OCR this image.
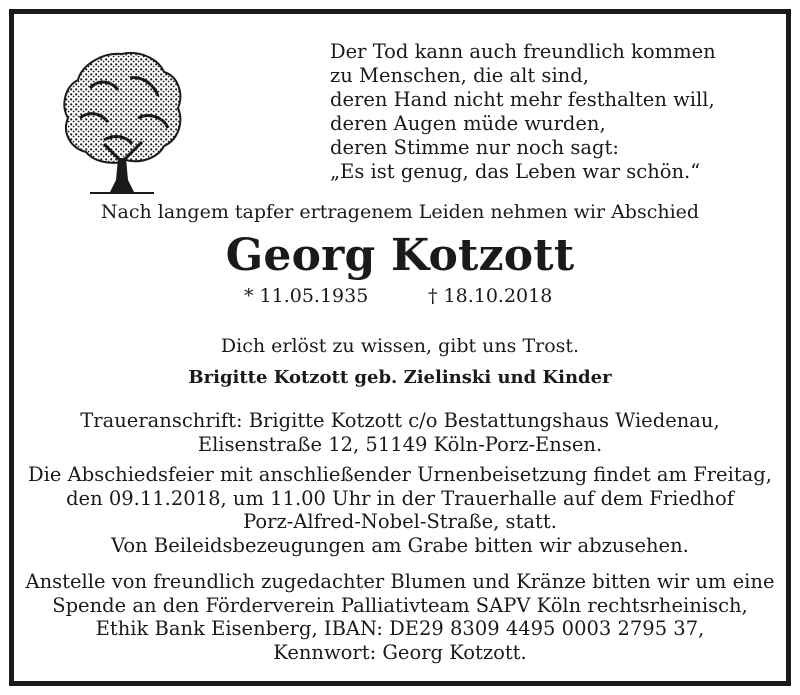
Der Tod kann auch freundlich kommen
zu Menschen, die alt sind,
deren Hand nicht mehr festhalten will,
deren Augen müde wurden,
deren Stimme nur noch sagt:
„Es ist genug, das Leben war schön.“
Nach langem tapfer ertragenem Leiden nehmen wir Abschied
Georg Kotzott
* 11.05.1935	† 18.10.2018
Dich erlöst zu wissen, gibt uns Trost.
Brigitte Kotzott geb. Zielinski und Kinder
Traueranschrift: Brigitte Kotzott c/o Bestattungshaus Wiedenau,
Elisenstraße 12, 51149 Köln-Porz-Ensen.
Die Abschiedsfeier mit anschließender Urnenbeisetzung findet am Freitag,
den 09.11.2018, um 11.00 Uhr in der Trauerhalle auf dem Friedhof
Porz-Alfred-Nobel-Straße, statt.
Von Beileidsbezeugungen am Grabe bitten wir abzusehen.
Anstelle von freundlich zugedachter Blumen und Kränze bitten wir um eine
Spende an den Förderverein Palliativteam SAPV Köln rechtsrheinisch,
Ethik Bank Eisenberg, IBAN: DE29 8309 4495 0003 2795 37,
Kennwort: Georg Kotzott.
